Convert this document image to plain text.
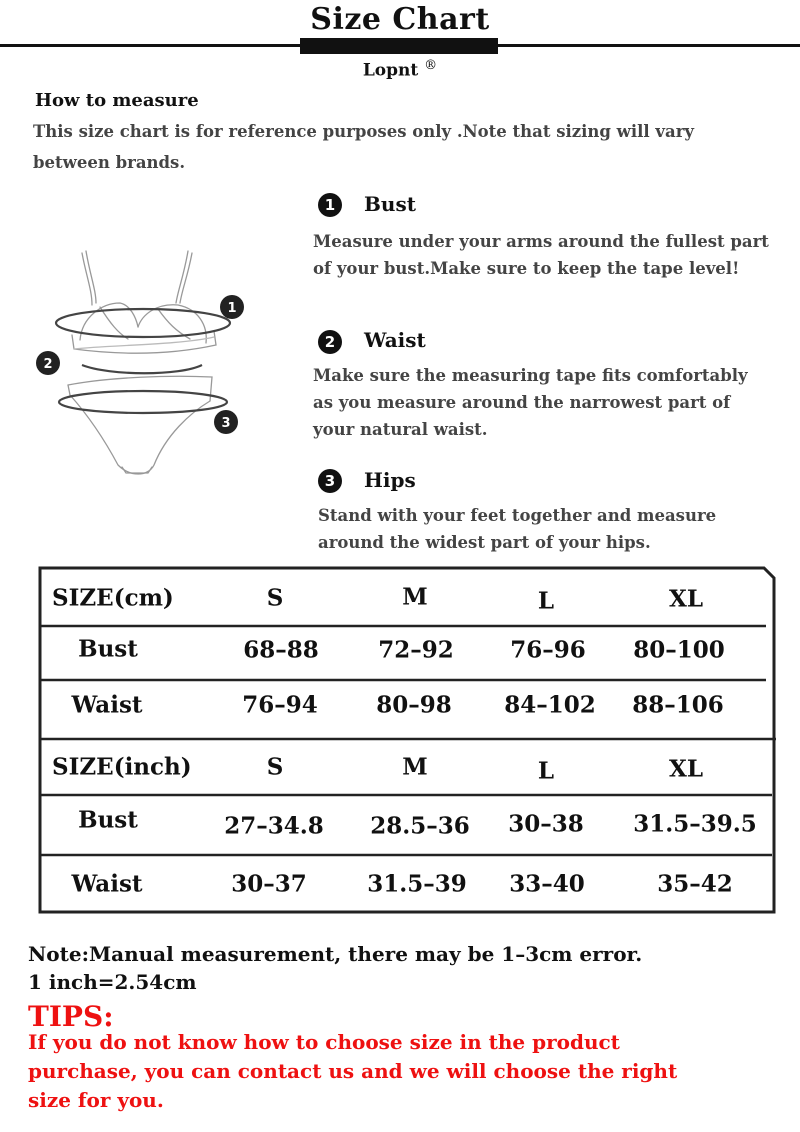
Size Chart
Lopnt ®
How to measure
This size chart is for reference purposes only .Note that sizing will vary
between brands.
1
2
3
1	Bust
Measure under your arms around the fullest part
of your bust.Make sure to keep the tape level!
2	Waist
Make sure the measuring tape fits comfortably
as you measure around the narrowest part of
your natural waist.
3	Hips
Stand with your feet together and measure
around the widest part of your hips.
SIZE(cm)	S	M	L	XL
Bust	68–88	72–92 76–96 80–100
Waist	76–94	80–98 84–102 88–106
SIZE(inch)	S	M	L	XL
Bust	27–34.8 28.5–36 30–38 31.5–39.5
Waist	30–37	31.5–39 33–40	35–42
Note:Manual measurement, there may be 1–3cm error.
1 inch=2.54cm
TIPS:
If you do not know how to choose size in the product
purchase, you can contact us and we will choose the right
size for you.
